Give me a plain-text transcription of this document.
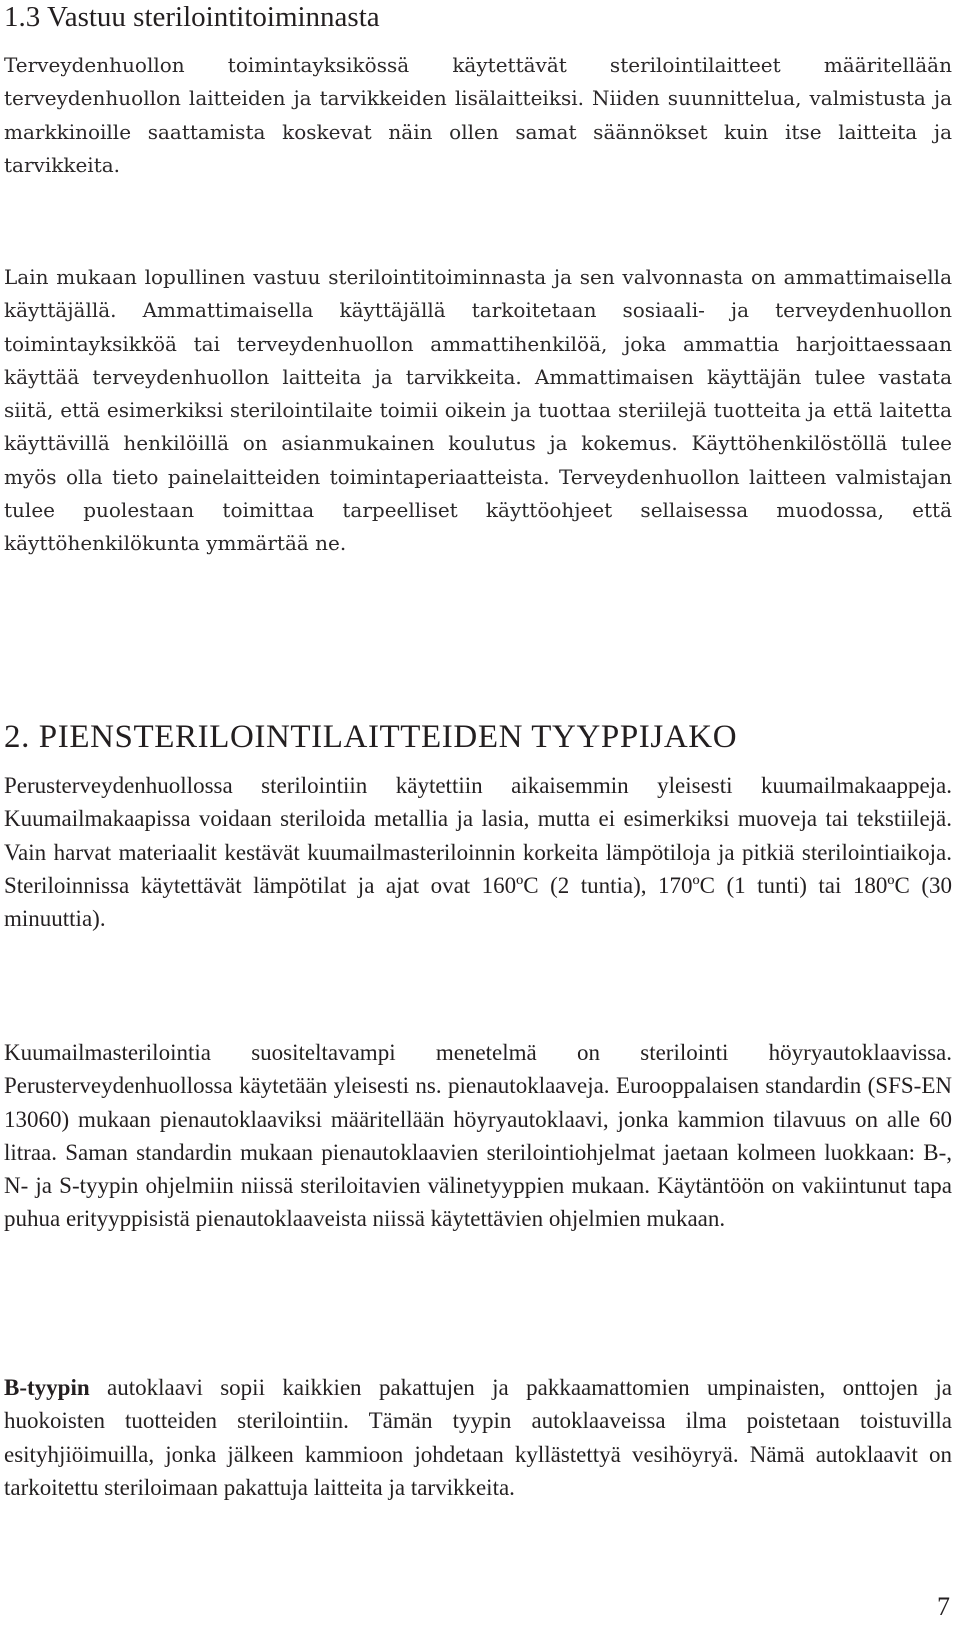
1.3 Vastuu sterilointitoiminnasta

Terveydenhuollon toimintayksikössä käytettävät sterilointilaitteet määritellään terveydenhuollon laitteiden ja tarvikkeiden lisälaitteiksi. Niiden suunnittelua, valmistusta ja markkinoille saattamista koskevat näin ollen samat säännökset kuin itse laitteita ja tarvikkeita.

Lain mukaan lopullinen vastuu sterilointitoiminnasta ja sen valvonnasta on ammattimaisella käyttäjällä. Ammattimaisella käyttäjällä tarkoitetaan sosiaali- ja terveydenhuollon toimintayksikköä tai terveydenhuollon ammattihenkilöä, joka ammattia harjoittaessaan käyttää terveydenhuollon laitteita ja tarvikkeita. Ammattimaisen käyttäjän tulee vastata siitä, että esimerkiksi sterilointilaite toimii oikein ja tuottaa steriilejä tuotteita ja että laitetta käyttävillä henkilöillä on asianmukainen koulutus ja kokemus. Käyttöhenkilöstöllä tulee myös olla tieto painelaitteiden toimintaperiaatteista. Terveydenhuollon laitteen valmistajan tulee puolestaan toimittaa tarpeelliset käyttöohjeet sellaisessa muodossa, että käyttöhenkilökunta ymmärtää ne.

2. PIENSTERILOINTILAITTEIDEN TYYPPIJAKO

Perusterveydenhuollossa sterilointiin käytettiin aikaisemmin yleisesti kuumailmakaappeja. Kuumailmakaapissa voidaan steriloida metallia ja lasia, mutta ei esimerkiksi muoveja tai tekstiilejä. Vain harvat materiaalit kestävät kuumailmasteriloinnin korkeita lämpötiloja ja pitkiä sterilointiaikoja. Steriloinnissa käytettävät lämpötilat ja ajat ovat 160ºC (2 tuntia), 170ºC (1 tunti) tai 180ºC (30 minuuttia).

Kuumailmasterilointia suositeltavampi menetelmä on sterilointi höyryautoklaavissa. Perusterveydenhuollossa käytetään yleisesti ns. pienautoklaaveja. Eurooppalaisen standardin (SFS-EN 13060) mukaan pienautoklaaviksi määritellään höyryautoklaavi, jonka kammion tilavuus on alle 60 litraa. Saman standardin mukaan pienautoklaavien sterilointiohjelmat jaetaan kolmeen luokkaan: B-, N- ja S-tyypin ohjelmiin niissä steriloitavien välinetyyppien mukaan. Käytäntöön on vakiintunut tapa puhua erityyppisistä pienautoklaaveista niissä käytettävien ohjelmien mukaan.

B-tyypin autoklaavi sopii kaikkien pakattujen ja pakkaamattomien umpinaisten, onttojen ja huokoisten tuotteiden sterilointiin. Tämän tyypin autoklaaveissa ilma poistetaan toistuvilla esityhjiöimuilla, jonka jälkeen kammioon johdetaan kyllästettyä vesihöyryä. Nämä autoklaavit on tarkoitettu steriloimaan pakattuja laitteita ja tarvikkeita.

7
